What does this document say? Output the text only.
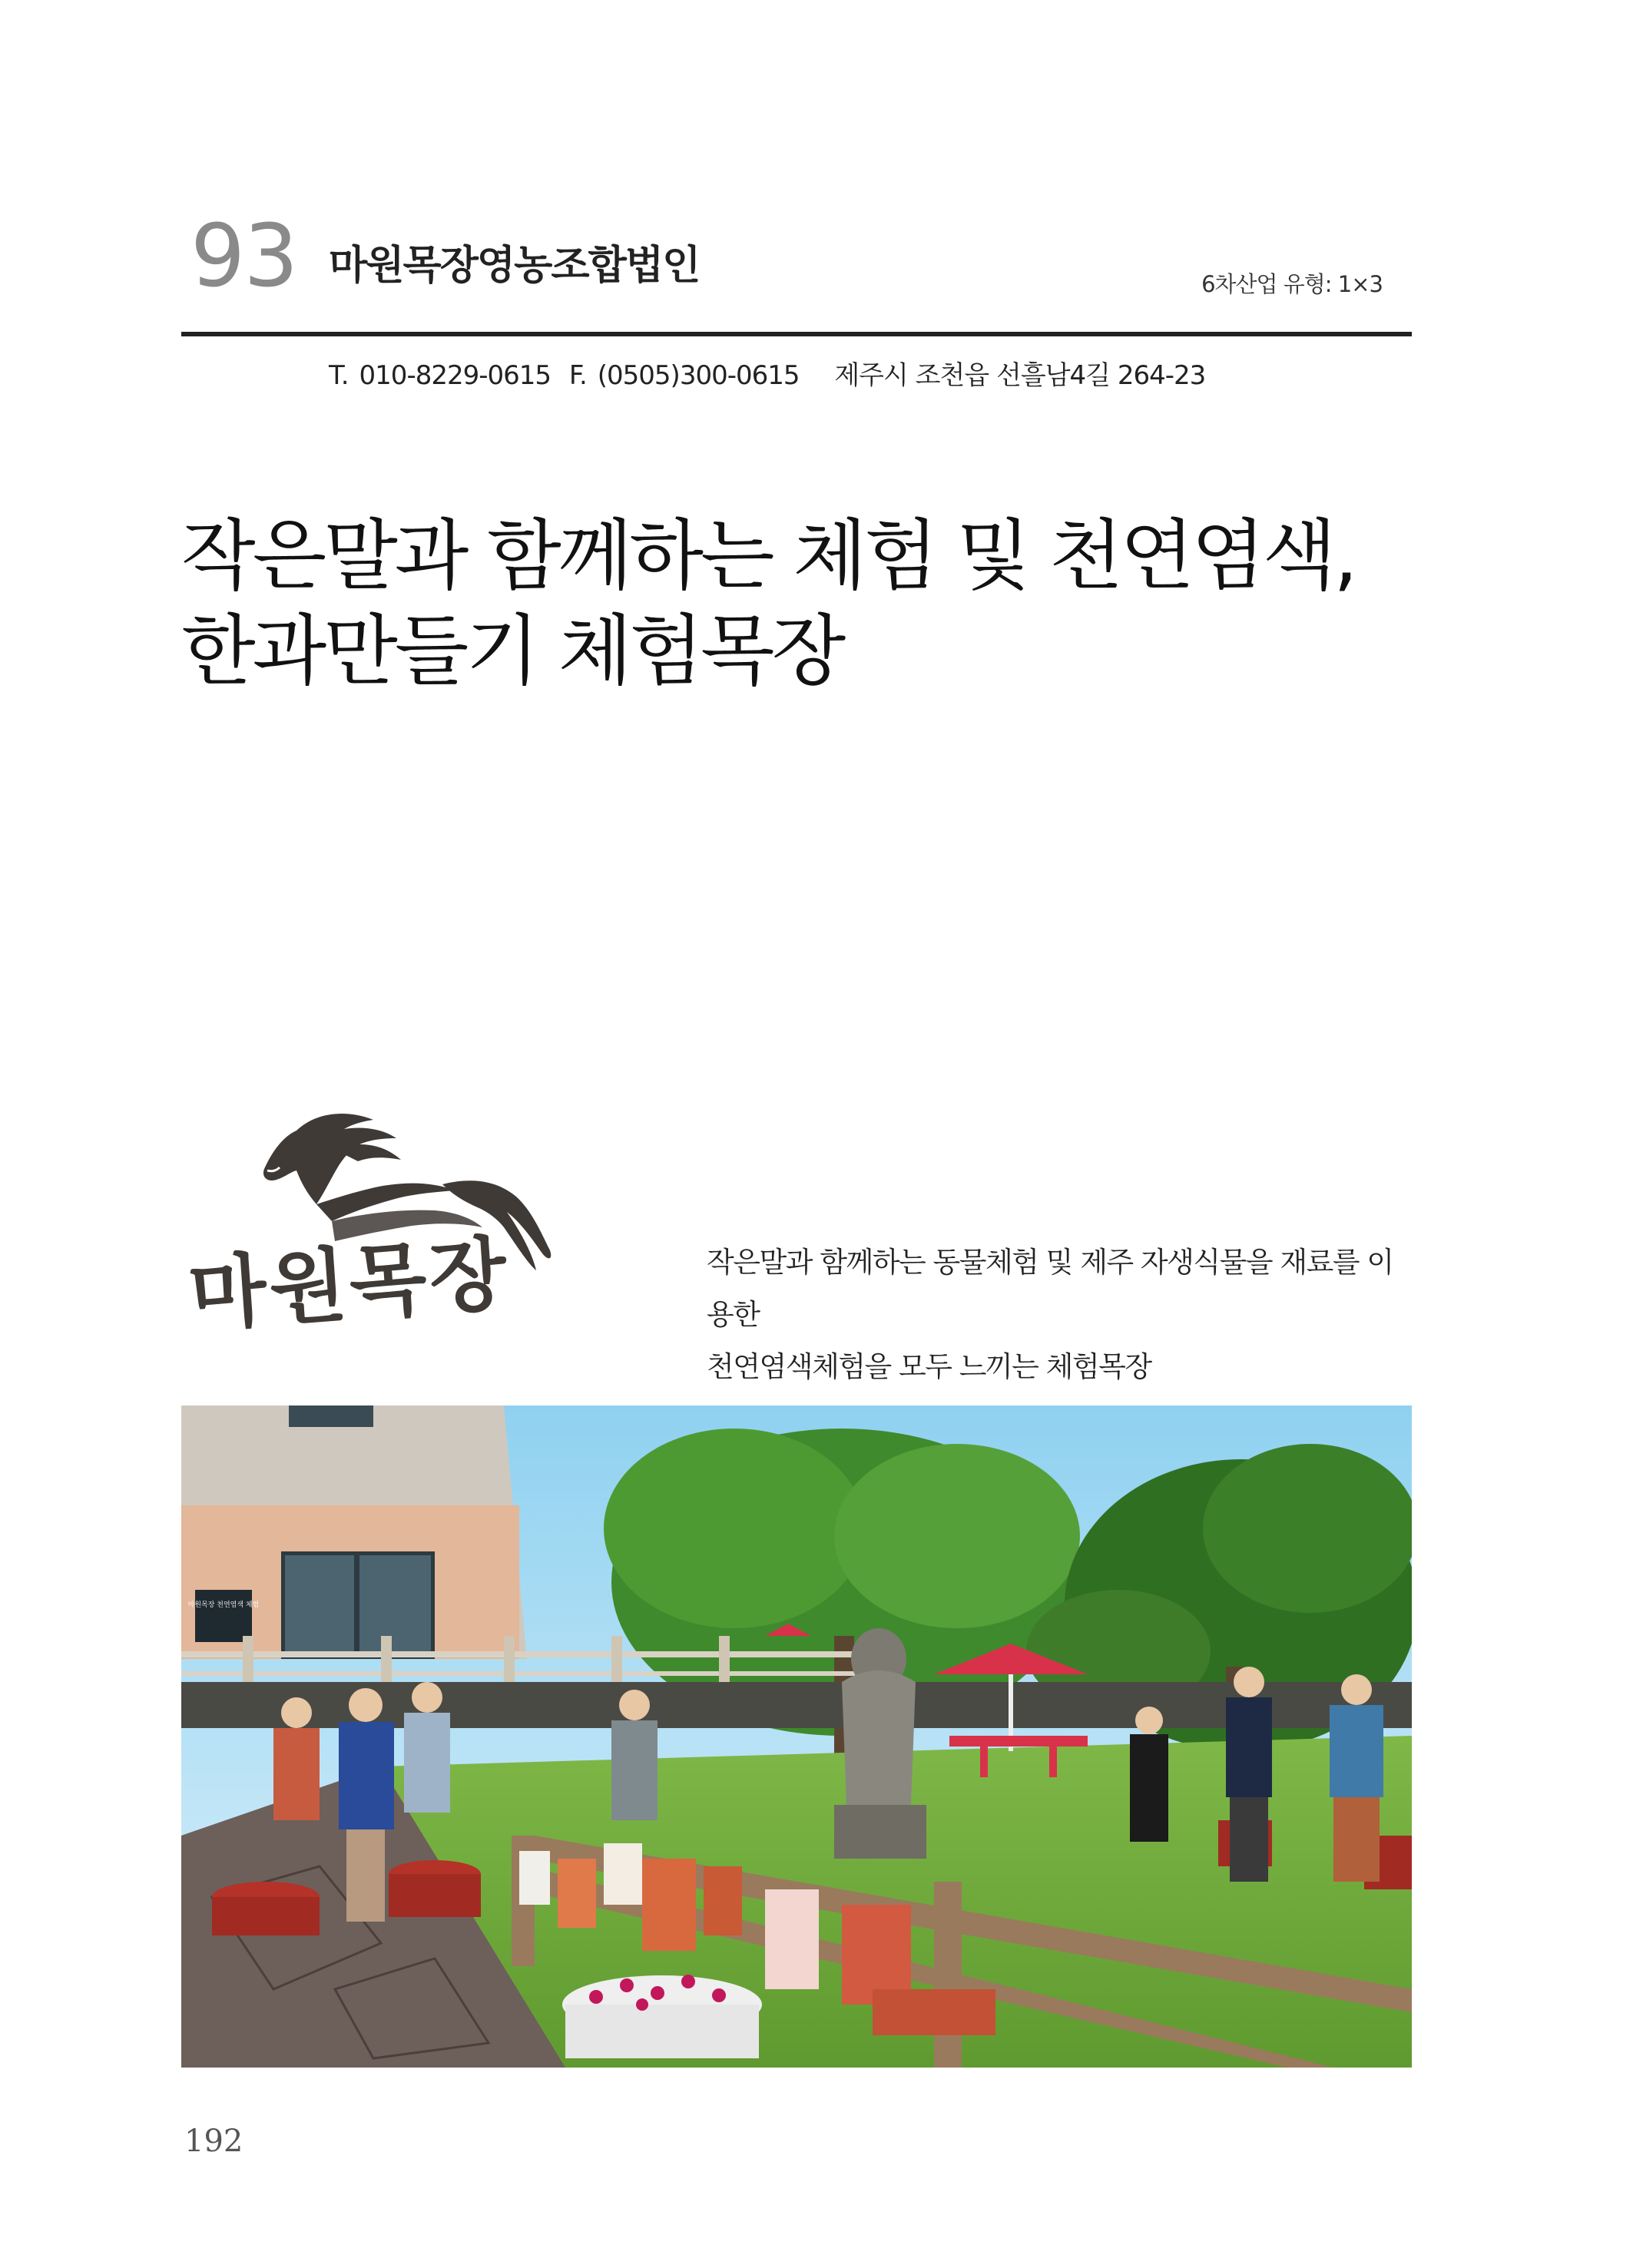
93 마원목장영농조합법인	6차산업 유형: 1×3
T. 010-8229-0615 F. (0505)300-0615 제주시 조천읍 선흘남4길 264-23
작은말과 함께하는 체험 및 천연염색,
한과만들기 체험목장
마원목장	작은말과 함께하는 동물체험 및 제주 자생식물을 재료를 이용한
천연염색체험을 모두 느끼는 체험목장

마원목장 천연염색 체험
192
